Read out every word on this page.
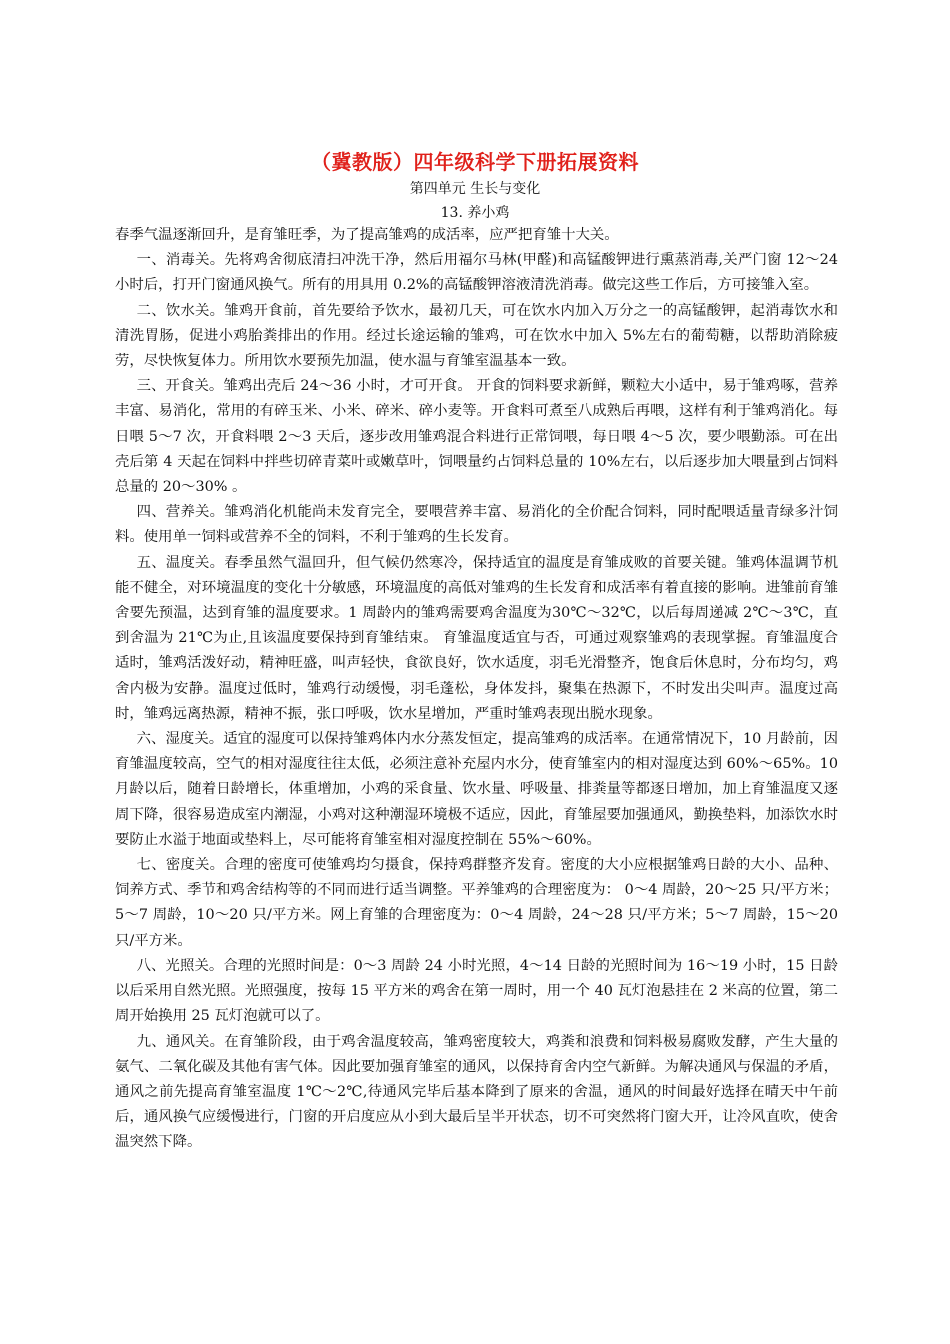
（冀教版）四年级科学下册拓展资料
第四单元 生长与变化
13. 养小鸡

春季气温逐渐回升，是育雏旺季，为了提高雏鸡的成活率，应严把育雏十大关。

一、消毒关。先将鸡舍彻底清扫冲洗干净，然后用福尔马林(甲醛)和高锰酸钾进行熏蒸消毒,关严门窗 12～24 小时后，打开门窗通风换气。所有的用具用 0.2%的高锰酸钾溶液清洗消毒。做完这些工作后，方可接雏入室。

二、饮水关。雏鸡开食前，首先要给予饮水，最初几天，可在饮水内加入万分之一的高锰酸钾，起消毒饮水和清洗胃肠，促进小鸡胎粪排出的作用。经过长途运输的雏鸡，可在饮水中加入 5%左右的葡萄糖，以帮助消除疲劳，尽快恢复体力。所用饮水要预先加温，使水温与育雏室温基本一致。

三、开食关。雏鸡出壳后 24～36 小时，才可开食。 开食的饲料要求新鲜，颗粒大小适中，易于雏鸡啄，营养丰富、易消化，常用的有碎玉米、小米、碎米、碎小麦等。开食料可煮至八成熟后再喂，这样有利于雏鸡消化。每日喂 5～7 次，开食料喂 2～3 天后，逐步改用雏鸡混合料进行正常饲喂，每日喂 4～5 次，要少喂勤添。可在出壳后第 4 天起在饲料中拌些切碎青菜叶或嫩草叶，饲喂量约占饲料总量的 10%左右，以后逐步加大喂量到占饲料总量的 20～30% 。

四、营养关。雏鸡消化机能尚未发育完全，要喂营养丰富、易消化的全价配合饲料，同时配喂适量青绿多汁饲料。使用单一饲料或营养不全的饲料，不利于雏鸡的生长发育。

五、温度关。春季虽然气温回升，但气候仍然寒冷，保持适宜的温度是育雏成败的首要关键。雏鸡体温调节机能不健全，对环境温度的变化十分敏感，环境温度的高低对雏鸡的生长发育和成活率有着直接的影响。进雏前育雏舍要先预温，达到育雏的温度要求。1 周龄内的雏鸡需要鸡舍温度为30℃～32℃，以后每周递减 2℃～3℃，直到舍温为 21℃为止,且该温度要保持到育雏结束。 育雏温度适宜与否，可通过观察雏鸡的表现掌握。育雏温度合适时，雏鸡活泼好动，精神旺盛，叫声轻快，食欲良好，饮水适度，羽毛光滑整齐，饱食后休息时，分布均匀，鸡舍内极为安静。温度过低时，雏鸡行动缓慢，羽毛蓬松，身体发抖，聚集在热源下，不时发出尖叫声。温度过高时，雏鸡远离热源，精神不振，张口呼吸，饮水星增加，严重时雏鸡表现出脱水现象。

六、湿度关。适宜的湿度可以保持雏鸡体内水分蒸发恒定，提高雏鸡的成活率。在通常情况下，10 月龄前，因育雏温度较高，空气的相对湿度往往太低，必须注意补充屋内水分，使育雏室内的相对湿度达到 60%～65%。10 月龄以后，随着日龄增长，体重增加，小鸡的采食量、饮水量、呼吸量、排粪量等都逐日增加，加上育雏温度又逐周下降，很容易造成室内潮湿，小鸡对这种潮湿环境极不适应，因此，育雏屋要加强通风，勤换垫料，加添饮水时要防止水溢于地面或垫料上，尽可能将育雏室相对湿度控制在 55%～60%。

七、密度关。合理的密度可使雏鸡均匀摄食，保持鸡群整齐发育。密度的大小应根据雏鸡日龄的大小、品种、饲养方式、季节和鸡舍结构等的不同而进行适当调整。平养雏鸡的合理密度为： 0～4 周龄，20～25 只/平方米；5～7 周龄，10～20 只/平方米。网上育雏的合理密度为：0～4 周龄，24～28 只/平方米；5～7 周龄，15～20 只/平方米。

八、光照关。合理的光照时间是：0～3 周龄 24 小时光照，4～14 日龄的光照时间为 16～19 小时，15 日龄以后采用自然光照。光照强度，按每 15 平方米的鸡舍在第一周时，用一个 40 瓦灯泡悬挂在 2 米高的位置，第二周开始换用 25 瓦灯泡就可以了。

九、通风关。在育雏阶段，由于鸡舍温度较高，雏鸡密度较大，鸡粪和浪费和饲料极易腐败发酵，产生大量的氨气、二氧化碳及其他有害气体。因此要加强育雏室的通风，以保持育舍内空气新鲜。为解决通风与保温的矛盾，通风之前先提高育雏室温度 1℃～2℃,待通风完毕后基本降到了原来的舍温，通风的时间最好选择在晴天中午前后，通风换气应缓慢进行，门窗的开启度应从小到大最后呈半开状态，切不可突然将门窗大开，让冷风直吹，使舍温突然下降。
